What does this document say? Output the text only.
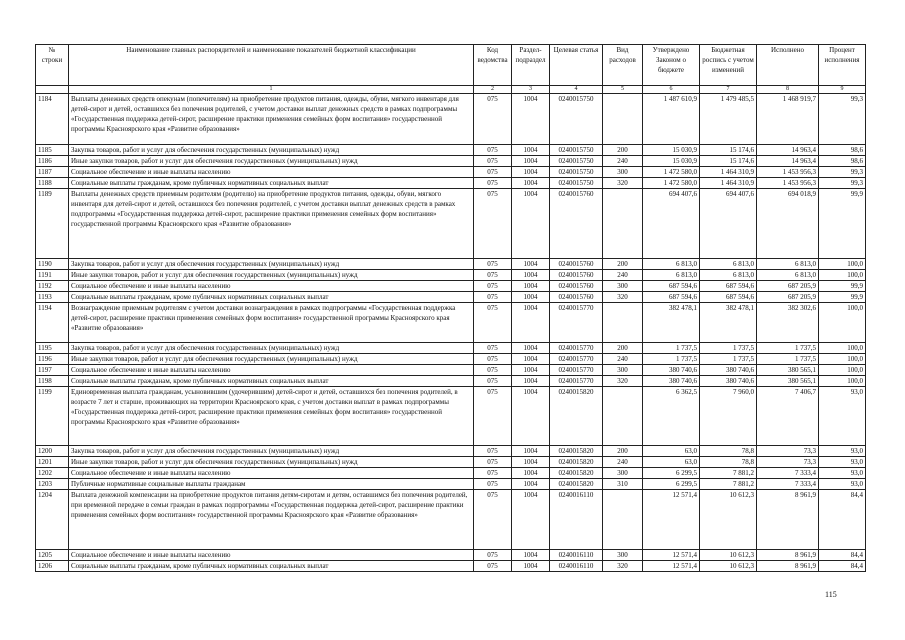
№ строки	Наименование главных распорядителей и наименование показателей бюджетной классификации	Код ведомства	Раздел-подраздел	Целевая статья	Вид расходов	Утверждено Законом о бюджете	Бюджетная роспись с учетом изменений	Исполнено	Процент исполнения
	1	2	3	4	5	6	7	8	9
1184	Выплаты денежных средств опекунам (попечителям) на приобретение продуктов питания, одежды, обуви, мягкого инвентаря для детей-сирот и детей, оставшихся без попечения родителей, с учетом доставки выплат денежных средств в рамках подпрограммы «Государственная поддержка детей-сирот, расширение практики применения семейных форм воспитания» государственной программы Красноярского края «Развитие образования»	075	1004	0240015750		1 487 610,9	1 479 485,5	1 468 919,7	99,3
1185	Закупка товаров, работ и услуг для обеспечения государственных (муниципальных) нужд	075	1004	0240015750	200	15 030,9	15 174,6	14 963,4	98,6
1186	Иные закупки товаров, работ и услуг для обеспечения государственных (муниципальных) нужд	075	1004	0240015750	240	15 030,9	15 174,6	14 963,4	98,6
1187	Социальное обеспечение и иные выплаты населению	075	1004	0240015750	300	1 472 580,0	1 464 310,9	1 453 956,3	99,3
1188	Социальные выплаты гражданам, кроме публичных нормативных социальных выплат	075	1004	0240015750	320	1 472 580,0	1 464 310,9	1 453 956,3	99,3
1189	Выплаты денежных средств приемным родителям (родителю) на приобретение продуктов питания, одежды, обуви, мягкого инвентаря для детей-сирот и детей, оставшихся без попечения родителей, с учетом доставки выплат денежных средств в рамках подпрограммы «Государственная поддержка детей-сирот, расширение практики применения семейных форм воспитания» государственной программы Красноярского края «Развитие образования»	075	1004	0240015760		694 407,6	694 407,6	694 018,9	99,9
1190	Закупка товаров, работ и услуг для обеспечения государственных (муниципальных) нужд	075	1004	0240015760	200	6 813,0	6 813,0	6 813,0	100,0
1191	Иные закупки товаров, работ и услуг для обеспечения государственных (муниципальных) нужд	075	1004	0240015760	240	6 813,0	6 813,0	6 813,0	100,0
1192	Социальное обеспечение и иные выплаты населению	075	1004	0240015760	300	687 594,6	687 594,6	687 205,9	99,9
1193	Социальные выплаты гражданам, кроме публичных нормативных социальных выплат	075	1004	0240015760	320	687 594,6	687 594,6	687 205,9	99,9
1194	Вознаграждение приемным родителям с учетом доставки вознаграждения в рамках подпрограммы «Государственная поддержка детей-сирот, расширение практики применения семейных форм воспитания» государственной программы Красноярского края «Развитие образования»	075	1004	0240015770		382 478,1	382 478,1	382 302,6	100,0
1195	Закупка товаров, работ и услуг для обеспечения государственных (муниципальных) нужд	075	1004	0240015770	200	1 737,5	1 737,5	1 737,5	100,0
1196	Иные закупки товаров, работ и услуг для обеспечения государственных (муниципальных) нужд	075	1004	0240015770	240	1 737,5	1 737,5	1 737,5	100,0
1197	Социальное обеспечение и иные выплаты населению	075	1004	0240015770	300	380 740,6	380 740,6	380 565,1	100,0
1198	Социальные выплаты гражданам, кроме публичных нормативных социальных выплат	075	1004	0240015770	320	380 740,6	380 740,6	380 565,1	100,0
1199	Единовременная выплата гражданам, усыновившим (удочерившим) детей-сирот и детей, оставшихся без попечения родителей, в возрасте 7 лет и старше, проживающих на территории Красноярского края, с учетом доставки выплат в рамках подпрограммы «Государственная поддержка детей-сирот, расширение практики применения семейных форм воспитания» государственной программы Красноярского края «Развитие образования»	075	1004	0240015820		6 362,5	7 960,0	7 406,7	93,0
1200	Закупка товаров, работ и услуг для обеспечения государственных (муниципальных) нужд	075	1004	0240015820	200	63,0	78,8	73,3	93,0
1201	Иные закупки товаров, работ и услуг для обеспечения государственных (муниципальных) нужд	075	1004	0240015820	240	63,0	78,8	73,3	93,0
1202	Социальное обеспечение и иные выплаты населению	075	1004	0240015820	300	6 299,5	7 881,2	7 333,4	93,0
1203	Публичные нормативные социальные выплаты гражданам	075	1004	0240015820	310	6 299,5	7 881,2	7 333,4	93,0
1204	Выплата денежной компенсации на приобретение продуктов питания детям-сиротам и детям, оставшимся без попечения родителей, при временной передаче в семьи граждан в рамках подпрограммы «Государственная поддержка детей-сирот, расширение практики применения семейных форм воспитания» государственной программы Красноярского края «Развитие образования»	075	1004	0240016110		12 571,4	10 612,3	8 961,9	84,4
1205	Социальное обеспечение и иные выплаты населению	075	1004	0240016110	300	12 571,4	10 612,3	8 961,9	84,4
1206	Социальные выплаты гражданам, кроме публичных нормативных социальных выплат	075	1004	0240016110	320	12 571,4	10 612,3	8 961,9	84,4
115
